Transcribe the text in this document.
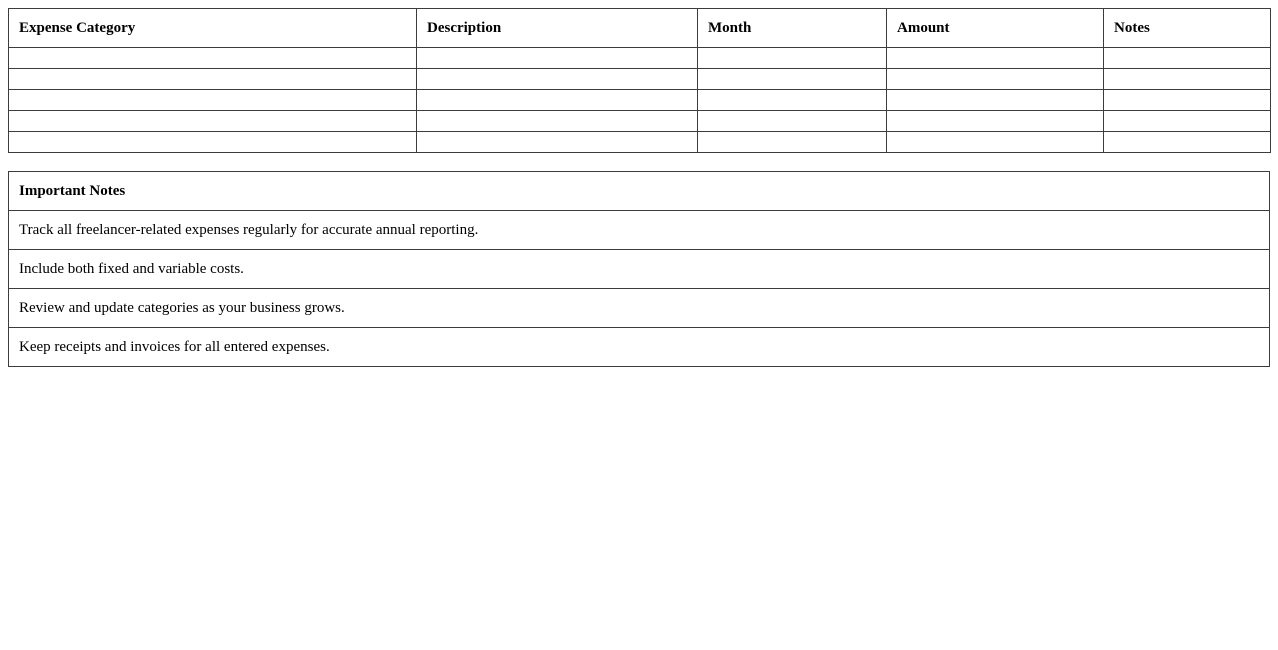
Expense Category	Description	Month	Amount	Notes

Important Notes
Track all freelancer-related expenses regularly for accurate annual reporting.
Include both fixed and variable costs.
Review and update categories as your business grows.
Keep receipts and invoices for all entered expenses.
